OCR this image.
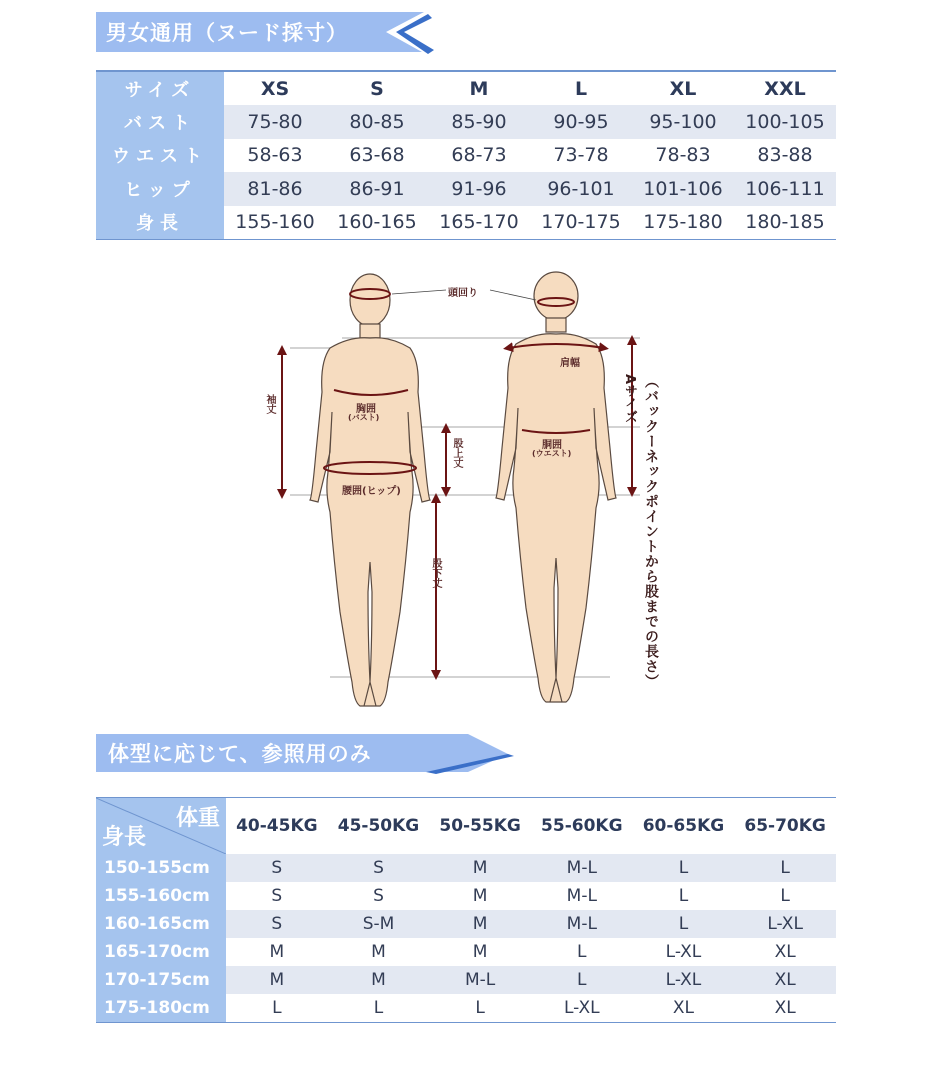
男女通用（ヌード採寸）
サイズ	XS	S	M	L	XL	XXL
バスト	75-80	80-85	85-90	90-95	95-100	100-105
ウエスト	58-63	63-68	68-73	73-78	78-83	83-88
ヒップ	81-86	86-91	91-96	96-101	101-106	106-111
身長	155-160	160-165	165-170	170-175	175-180	180-185
頭回り
肩幅
袖丈	胸囲
(バスト)
胴囲
(ウエスト)
腰囲(ヒップ)
股上丈
股下丈
Aサイズ （バックーネックポイントから股までの長さ）
体型に応じて、参照用のみ
体重
身長	40-45KG	45-50KG	50-55KG	55-60KG	60-65KG	65-70KG
150-155cm	S	S	M	M-L	L	L
155-160cm	S	S	M	M-L	L	L
160-165cm	S	S-M	M	M-L	L	L-XL
165-170cm	M	M	M	L	L-XL	XL
170-175cm	M	M	M-L	L	L-XL	XL
175-180cm	L	L	L	L-XL	XL	XL
